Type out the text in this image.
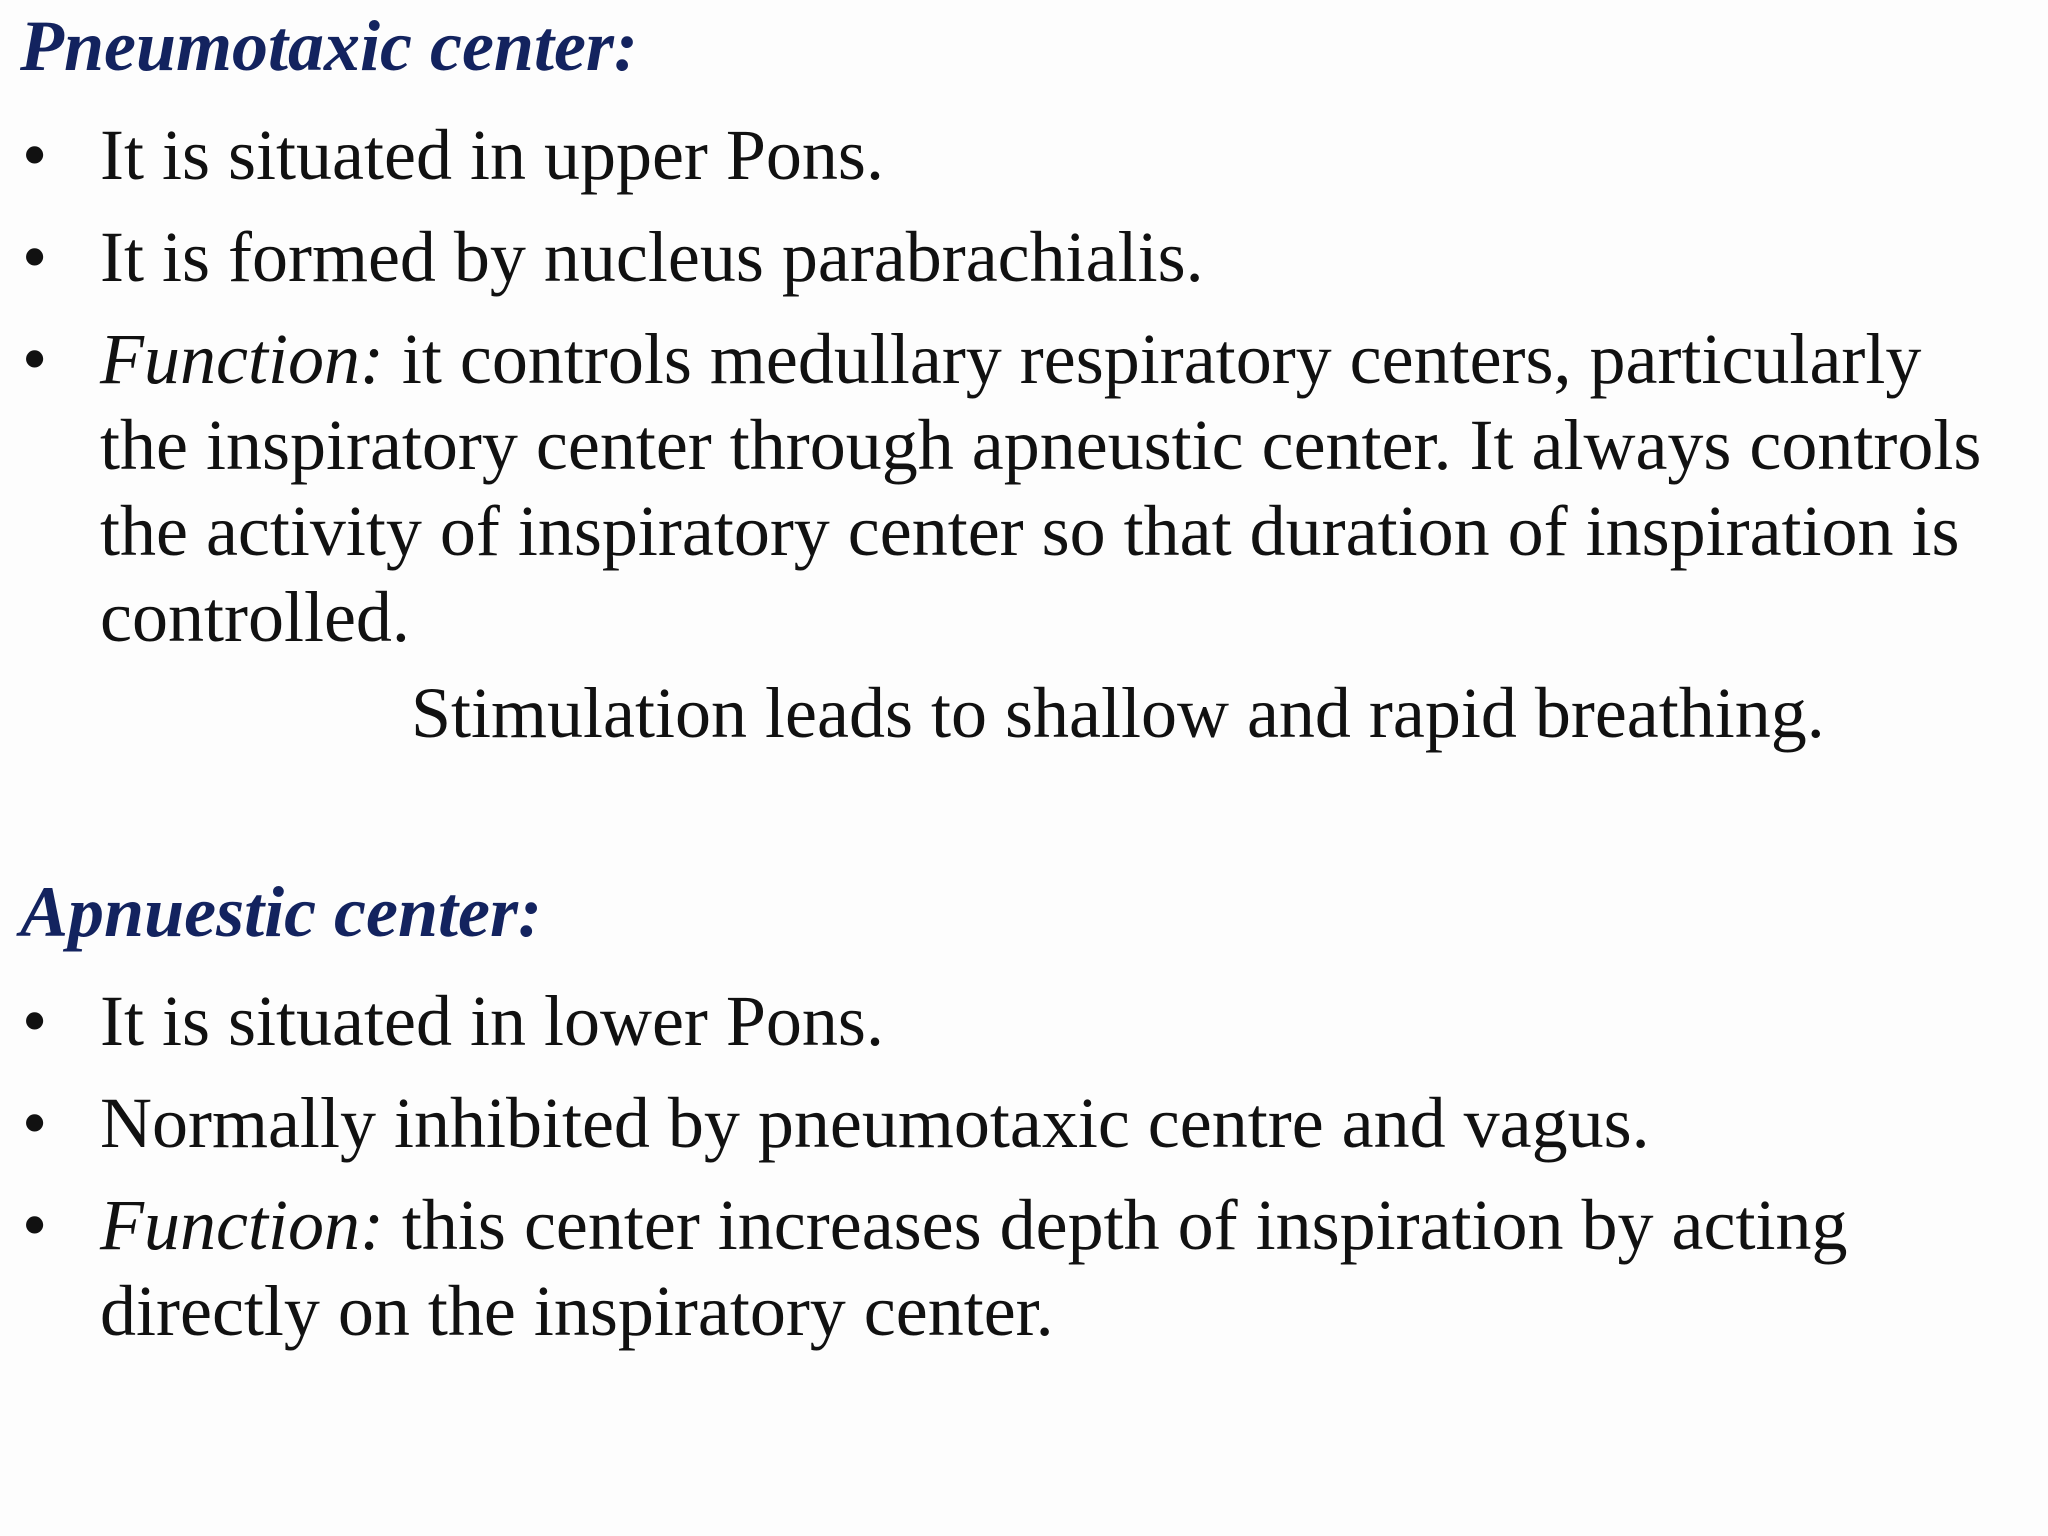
Pneumotaxic center:
• It is situated in upper Pons.
• It is formed by nucleus parabrachialis.
• Function: it controls medullary respiratory centers, particularly the inspiratory center through apneustic center. It always controls the activity of inspiratory center so that duration of inspiration is controlled.
Stimulation leads to shallow and rapid breathing.
Apnuestic center:
• It is situated in lower Pons.
• Normally inhibited by pneumotaxic centre and vagus.
• Function: this center increases depth of inspiration by acting directly on the inspiratory center.
